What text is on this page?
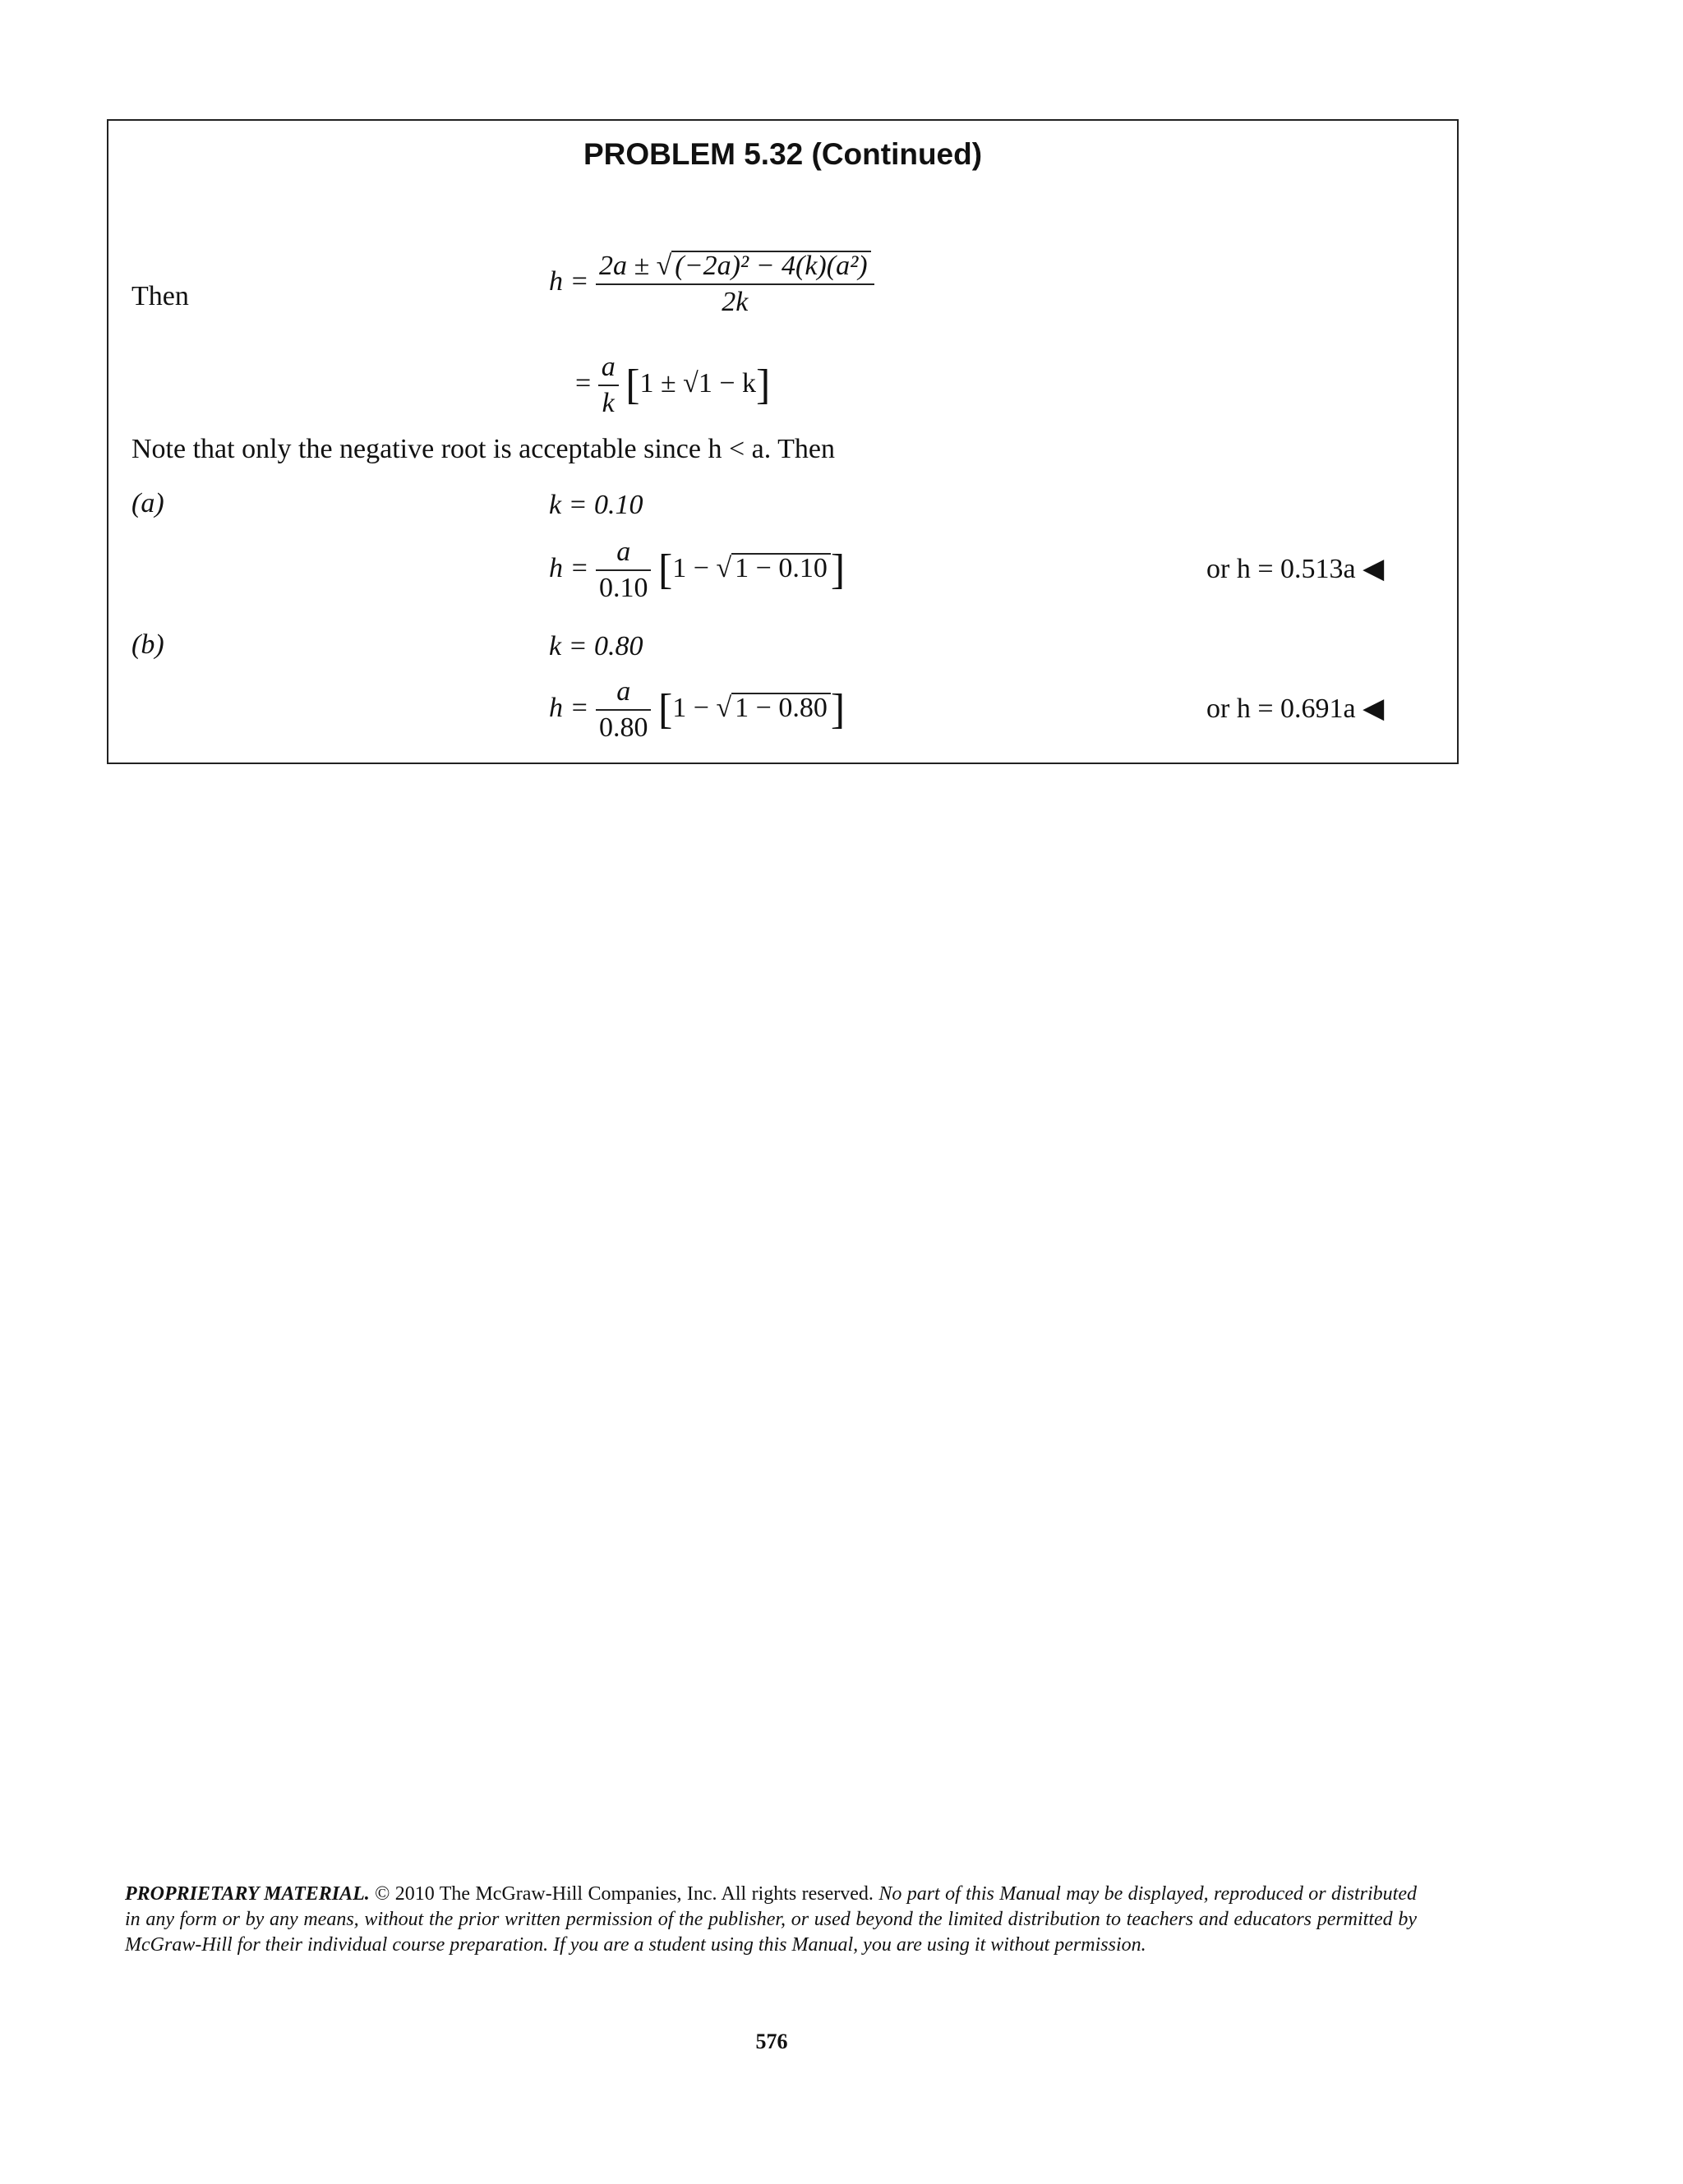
PROBLEM 5.32 (Continued)
Then	$h = \frac{\text{2a ± √ (−2a)² − 4(k)(a²)}}{2k}$
= $\frac{a}{k} [1 \pm √1 - k]$
Note that only the negative root is acceptable since h < a. Then
(a)	k = 0.10
$h = \frac{a}{0.10} [1$ − √ 1 − 0.10]	or h = 0.513a ◀
(b)	k = 0.80
$h = \frac{a}{0.80} [1$ − √ 1 − 0.80]	or h = 0.691a ◀
PROPRIETARY MATERIAL. © 2010 The McGraw-Hill Companies, Inc. All rights reserved. No part of this Manual may be displayed, reproduced or distributed in any form or by any means, without the prior written permission of the publisher, or used beyond the limited distribution to teachers and educators permitted by McGraw-Hill for their individual course preparation. If you are a student using this Manual, you are using it without permission.
576
